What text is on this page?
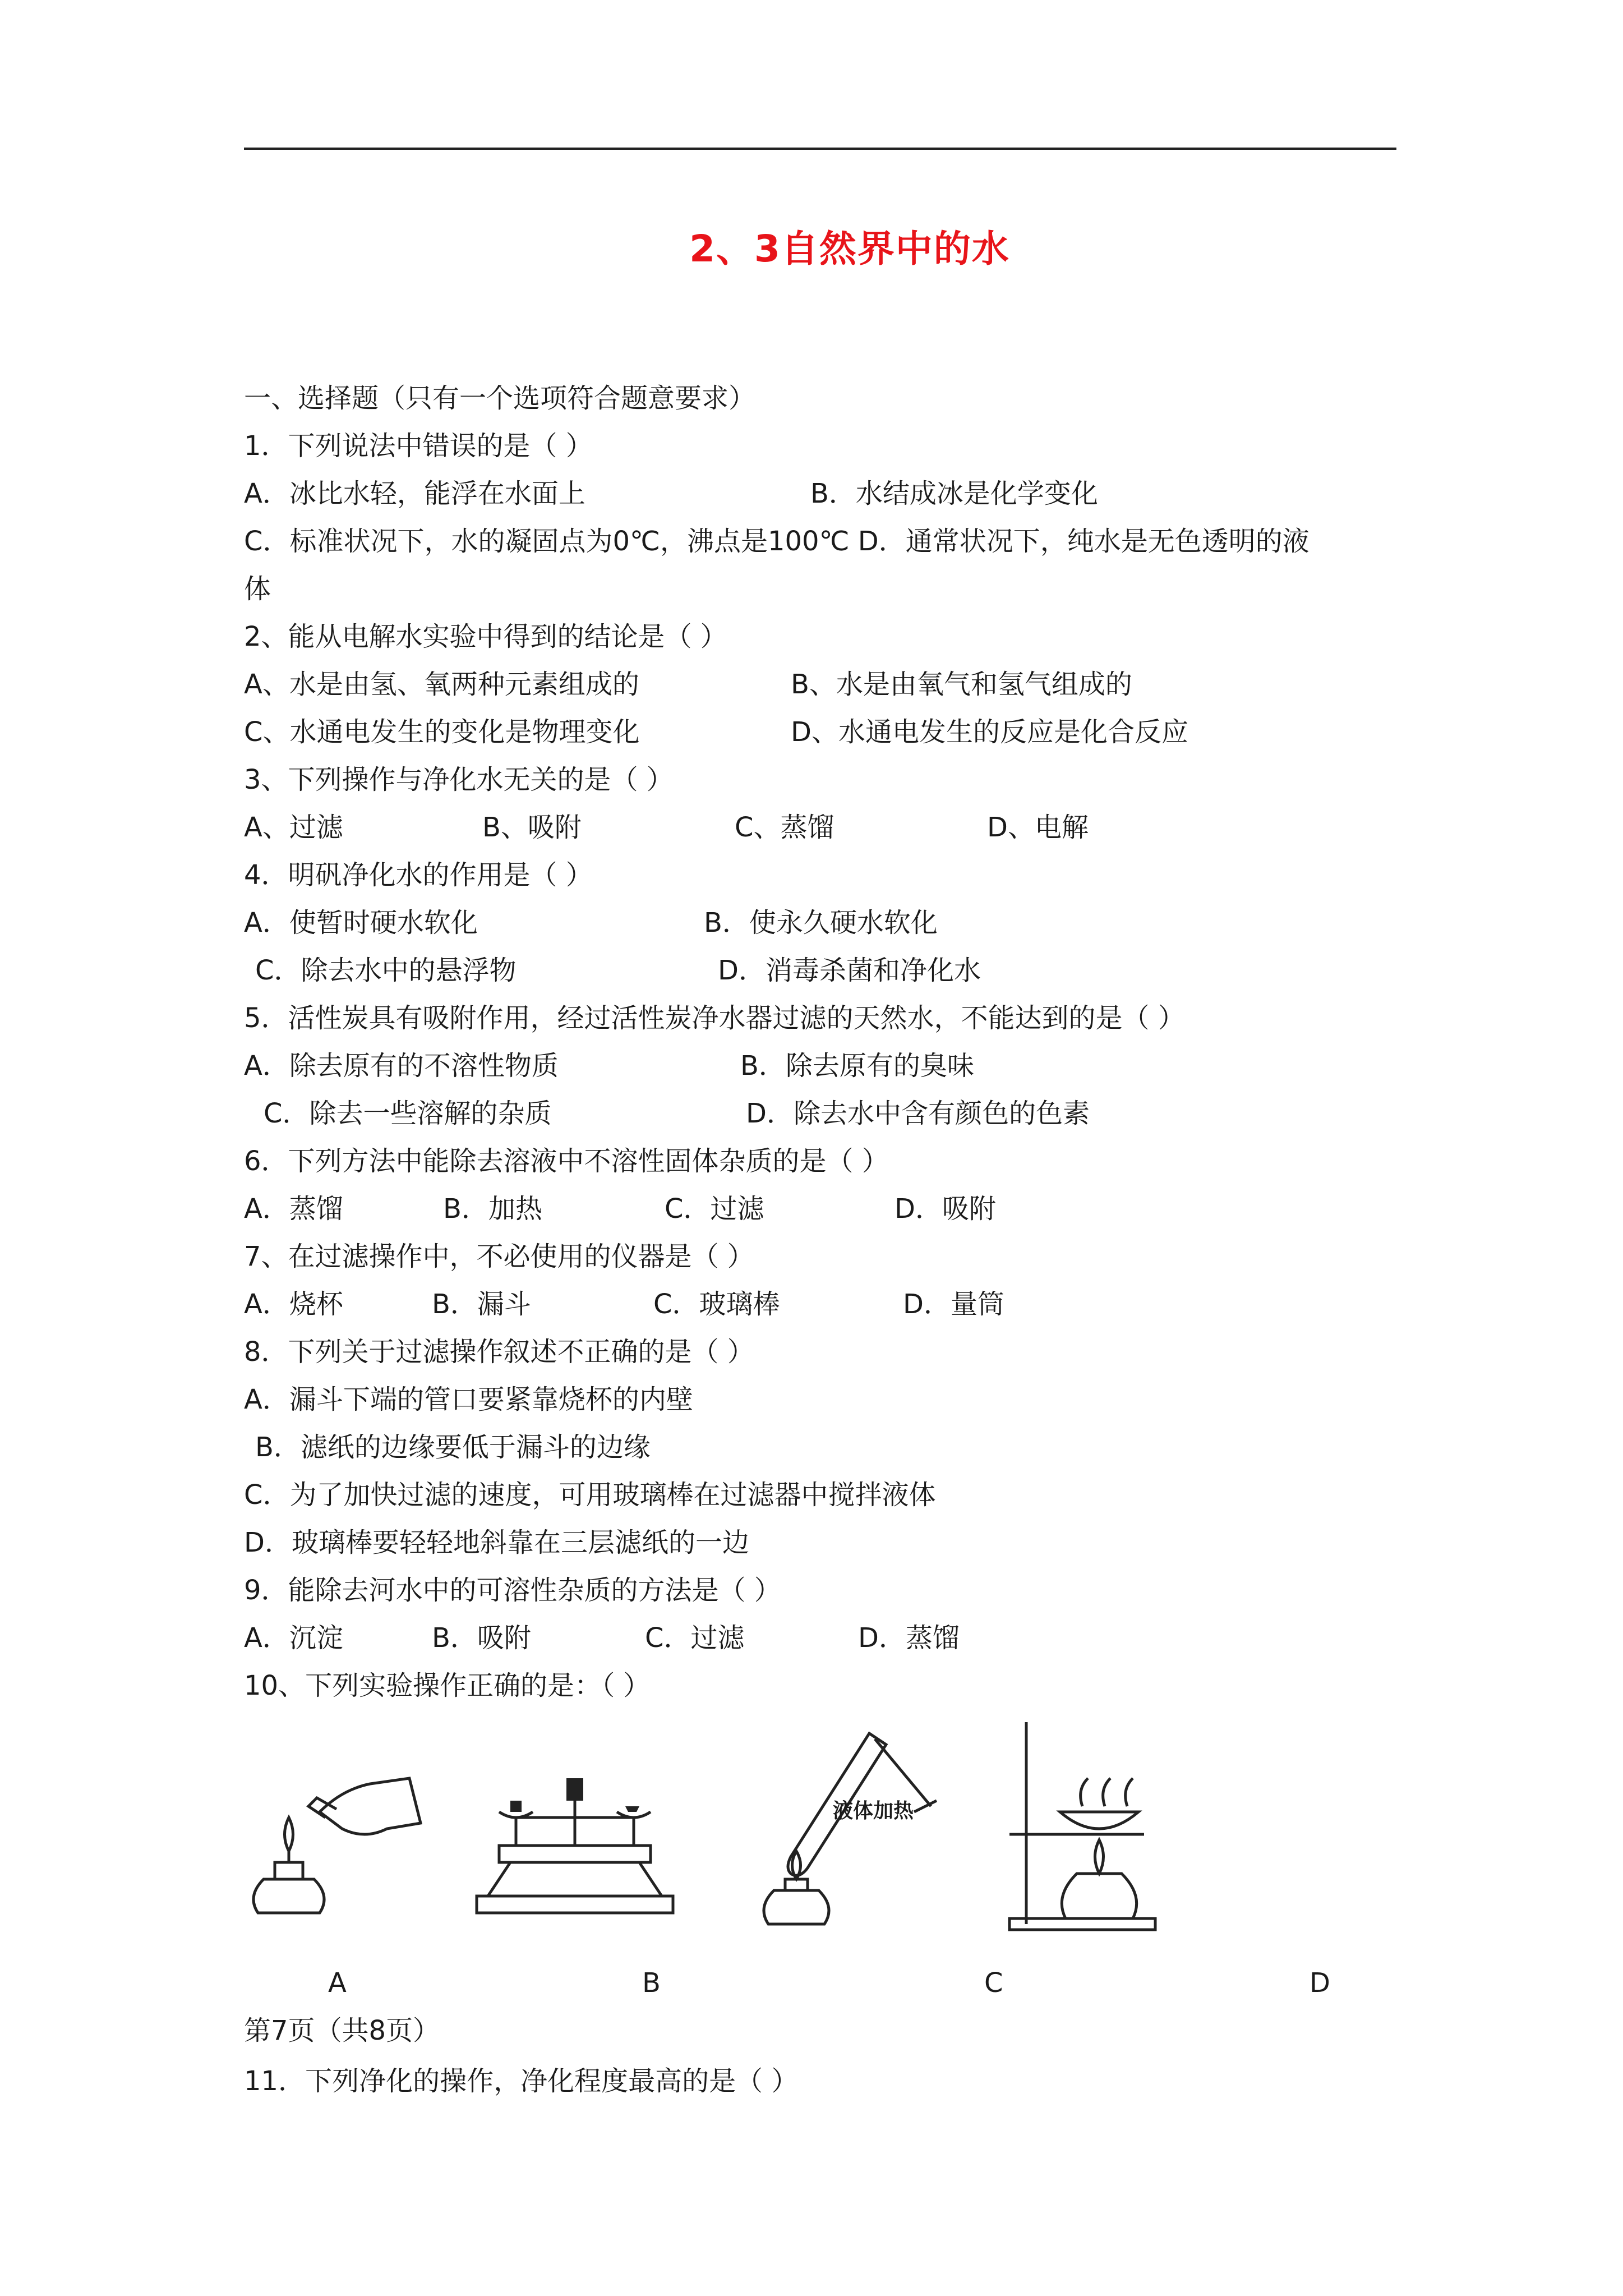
2、3自然界中的水
一、选择题（只有一个选项符合题意要求）
1．下列说法中错误的是（ ）
A．冰比水轻，能浮在水面上	B．水结成冰是化学变化
C．标准状况下，水的凝固点为0℃，沸点是100℃ D．通常状况下，纯水是无色透明的液
体
2、能从电解水实验中得到的结论是（ ）
A、水是由氢、氧两种元素组成的	B、水是由氧气和氢气组成的
C、水通电发生的变化是物理变化	D、水通电发生的反应是化合反应
3、下列操作与净化水无关的是（ ）
A、过滤	B、吸附	C、蒸馏	D、电解
4．明矾净化水的作用是（ ）
A．使暂时硬水软化	B．使永久硬水软化
C．除去水中的悬浮物	D．消毒杀菌和净化水
5．活性炭具有吸附作用，经过活性炭净水器过滤的天然水，不能达到的是（ ）
A．除去原有的不溶性物质	B．除去原有的臭味
C．除去一些溶解的杂质	D．除去水中含有颜色的色素
6．下列方法中能除去溶液中不溶性固体杂质的是（ ）
A．蒸馏	B．加热	C．过滤	D．吸附
7、在过滤操作中，不必使用的仪器是（ ）
A．烧杯	B．漏斗	C．玻璃棒	D．量筒
8．下列关于过滤操作叙述不正确的是（ ）
A．漏斗下端的管口要紧靠烧杯的内壁
B．滤纸的边缘要低于漏斗的边缘
C．为了加快过滤的速度，可用玻璃棒在过滤器中搅拌液体
D．玻璃棒要轻轻地斜靠在三层滤纸的一边
9．能除去河水中的可溶性杂质的方法是（ ）
A．沉淀	B．吸附	C．过滤	D．蒸馏
10、下列实验操作正确的是：（ ）
液体加热
A	B	C	D
第7页（共8页）
11．下列净化的操作，净化程度最高的是（ ）
